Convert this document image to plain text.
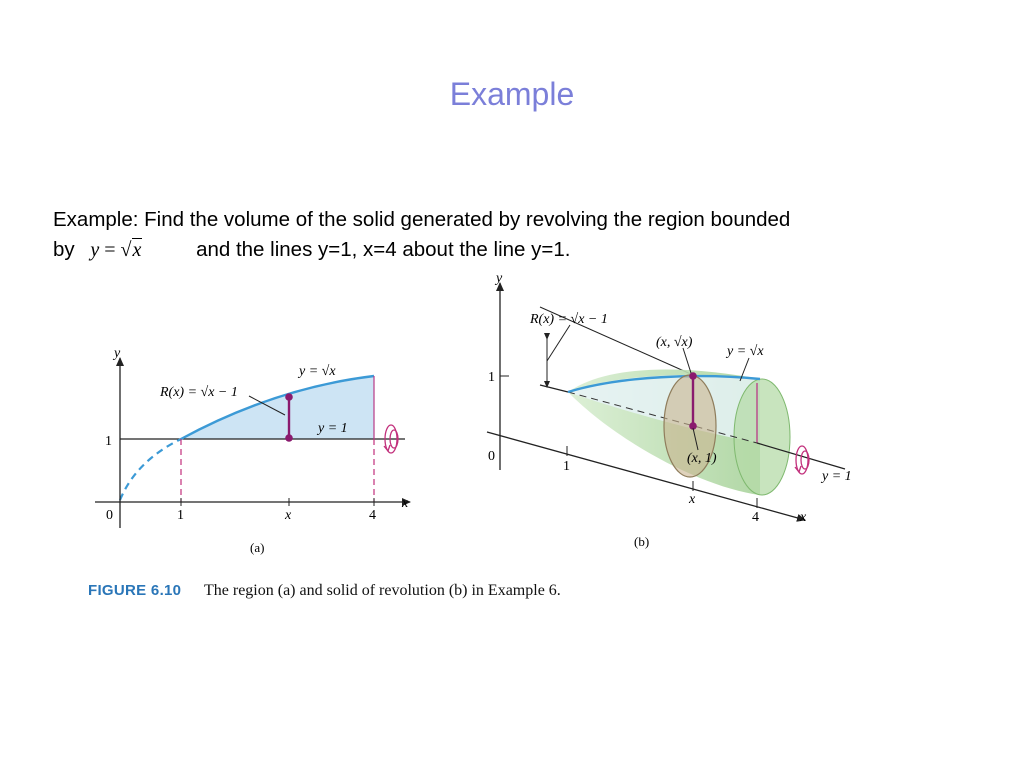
Example
Example: Find the volume of the solid generated by revolving the region bounded
by y = √x	and the lines y=1, x=4 about the line y=1.
y
x
0	1	x	4
1
y = √x
R(x) = √x − 1
y = 1
(a)
y
x
0
1
x
4
1
R(x) = √x − 1
(x, √x)
y = √x
(x, 1)
y = 1
(b)
FIGURE 6.10 The region (a) and solid of revolution (b) in Example 6.
